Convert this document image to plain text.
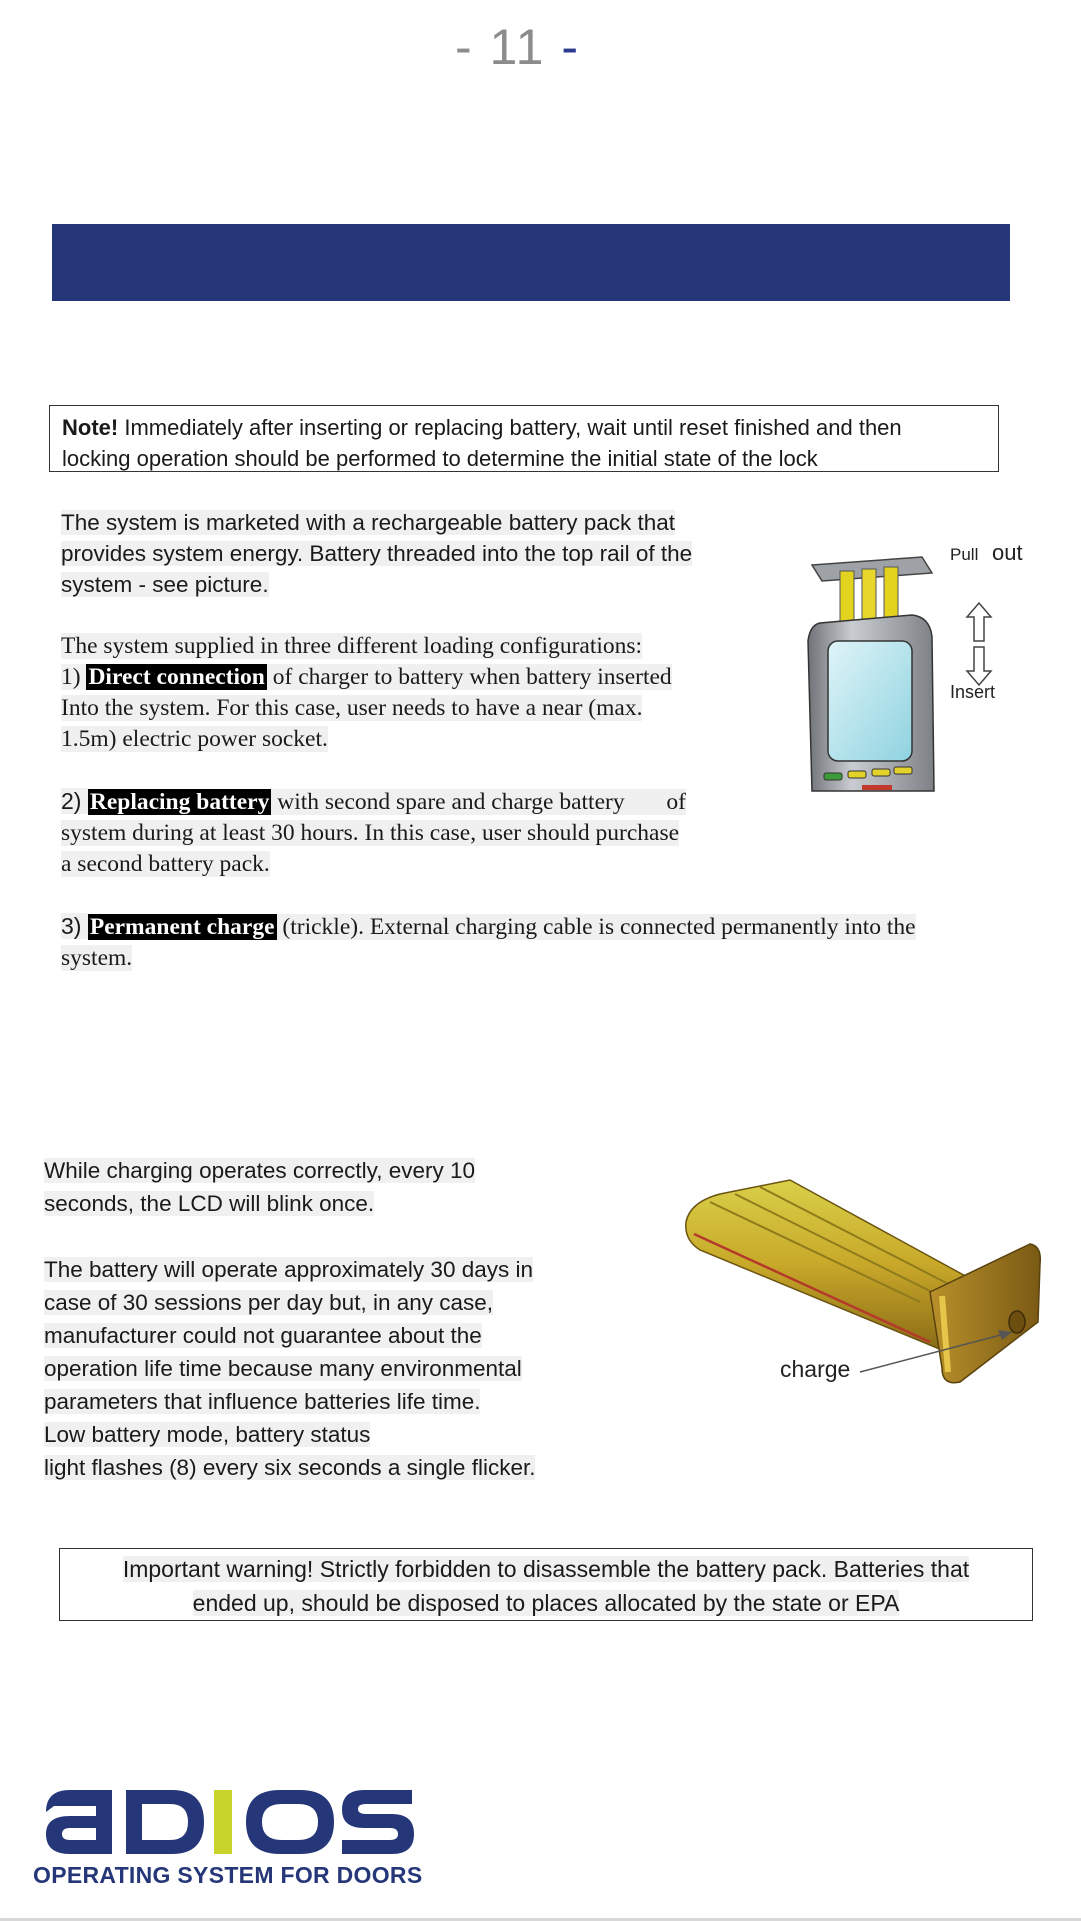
- 11 -
Note! Immediately after inserting or replacing battery, wait until reset finished and then
locking operation should be performed to determine the initial state of the lock
The system is marketed with a rechargeable battery pack that
provides system energy. Battery threaded into the top rail of the
system - see picture.
The system supplied in three different loading configurations:
1) Direct connection of charger to battery when battery inserted
Into the system. For this case, user needs to have a near (max.
1.5m) electric power socket.

2) Replacing battery with second spare and charge battery out of
system during at least 30 hours. In this case, user should purchase
a second battery pack.

3) Permanent charge (trickle). External charging cable is connected permanently into the
system.
Pull out
Insert
While charging operates correctly, every 10
seconds, the LCD will blink once.

The battery will operate approximately 30 days in
case of 30 sessions per day but, in any case,
manufacturer could not guarantee about the
operation life time because many environmental
parameters that influence batteries life time.
Low battery mode, battery status
light flashes (8) every six seconds a single flicker.
charge
Important warning! Strictly forbidden to disassemble the battery pack. Batteries that
ended up, should be disposed to places allocated by the state or EPA
OPERATING SYSTEM FOR DOORS
